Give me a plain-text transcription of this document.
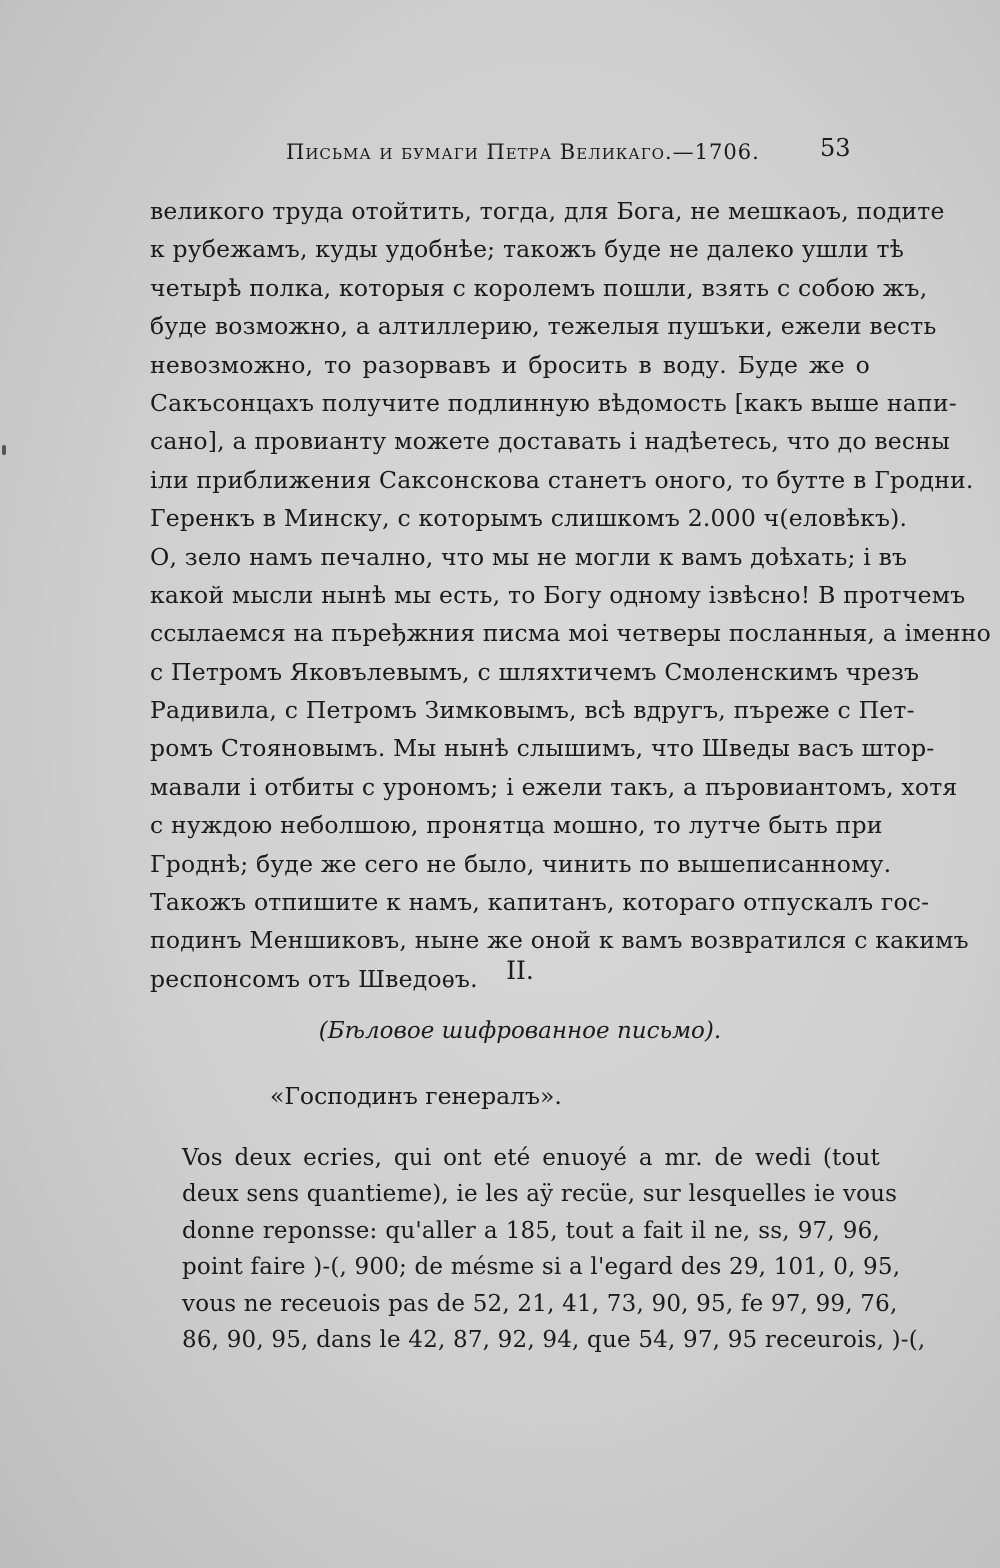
Письма и бумаги Петра Великаго.—1706.	53
великого труда отойтить, тогда, для Бога, не мешкаоъ, подите
к рубежамъ, куды удобнѣе; такожъ буде не далеко ушли тѣ
четырѣ полка, которыя с королемъ пошли, взять с собою жъ,
буде возможно, а алтиллерию, тежелыя пушъки, ежели весть
невозможно, то разорвавъ и бросить в воду. Буде же о
Сакъсонцахъ получите подлинную вѣдомость [какъ выше напи-
сано], а провианту можете доставать і надѣетесь, что до весны
іли приближения Саксонскова станетъ оного, то бутте в Гродни.
Геренкъ в Минску, с которымъ слишкомъ 2.000 ч(еловѣкъ).
О, зело намъ печално, что мы не могли к вамъ доѣхать; і въ
какой мысли нынѣ мы есть, то Богу одному ізвѣсно! В протчемъ
ссылаемся на пъређжния писма моі четверы посланныя, а іменно
с Петромъ Яковълевымъ, с шляхтичемъ Смоленскимъ чрезъ
Радивила, с Петромъ Зимковымъ, всѣ вдругъ, пъреже с Пет-
ромъ Стояновымъ. Мы нынѣ слышимъ, что Шведы васъ штор-
мавали і отбиты с урономъ; і ежели такъ, а пъровиантомъ, хотя
с нуждою неболшою, пронятца мошно, то лутче быть при
Гроднѣ; буде же сего не было, чинить по вышеписанному.
Такожъ отпишите к намъ, капитанъ, котораго отпускалъ гос-
подинъ Меншиковъ, ныне же оной к вамъ возвратился с какимъ
респонсомъ отъ Шведоѳъ.	II.
(Бѣловое шифрованное письмо).
«Господинъ генералъ».
Vos deux ecries, qui ont eté enuoyé a mr. de wedi (tout
deux sens quantieme), ie les aÿ recüe, sur lesquelles ie vous
donne reponsse: qu'aller a 185, tout a fait il ne, ss, 97, 96,
point faire )-(, 900; de mésme si a l'egard des 29, 101, 0, 95,
vous ne receuois pas de 52, 21, 41, 73, 90, 95, fe 97, 99, 76,
86, 90, 95, dans le 42, 87, 92, 94, que 54, 97, 95 receurois, )-(,
